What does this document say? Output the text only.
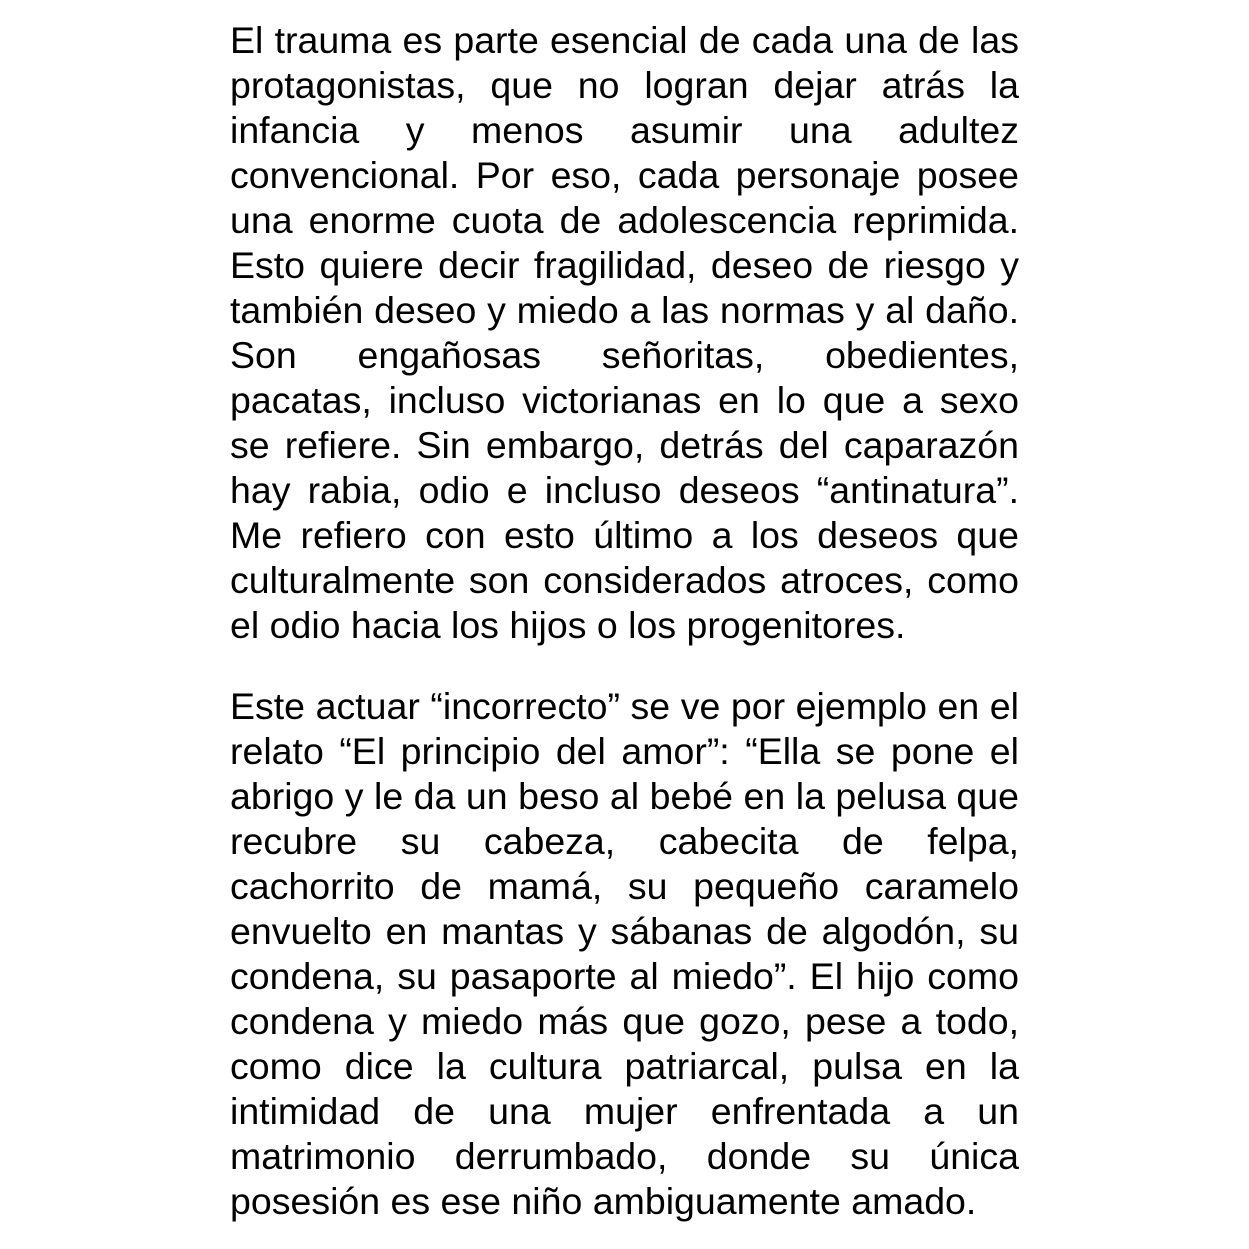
El trauma es parte esencial de cada una de las protagonistas, que no logran dejar atrás la infancia y menos asumir una adultez convencional. Por eso, cada personaje posee una enorme cuota de adolescencia reprimida. Esto quiere decir fragilidad, deseo de riesgo y también deseo y miedo a las normas y al daño. Son engañosas señoritas, obedientes, pacatas, incluso victorianas en lo que a sexo se refiere. Sin embargo, detrás del caparazón hay rabia, odio e incluso deseos “antinatura”. Me refiero con esto último a los deseos que culturalmente son considerados atroces, como el odio hacia los hijos o los progenitores.

Este actuar “incorrecto” se ve por ejemplo en el relato “El principio del amor”: “Ella se pone el abrigo y le da un beso al bebé en la pelusa que recubre su cabeza, cabecita de felpa, cachorrito de mamá, su pequeño caramelo envuelto en mantas y sábanas de algodón, su condena, su pasaporte al miedo”. El hijo como condena y miedo más que gozo, pese a todo, como dice la cultura patriarcal, pulsa en la intimidad de una mujer enfrentada a un matrimonio derrumbado, donde su única posesión es ese niño ambiguamente amado.
